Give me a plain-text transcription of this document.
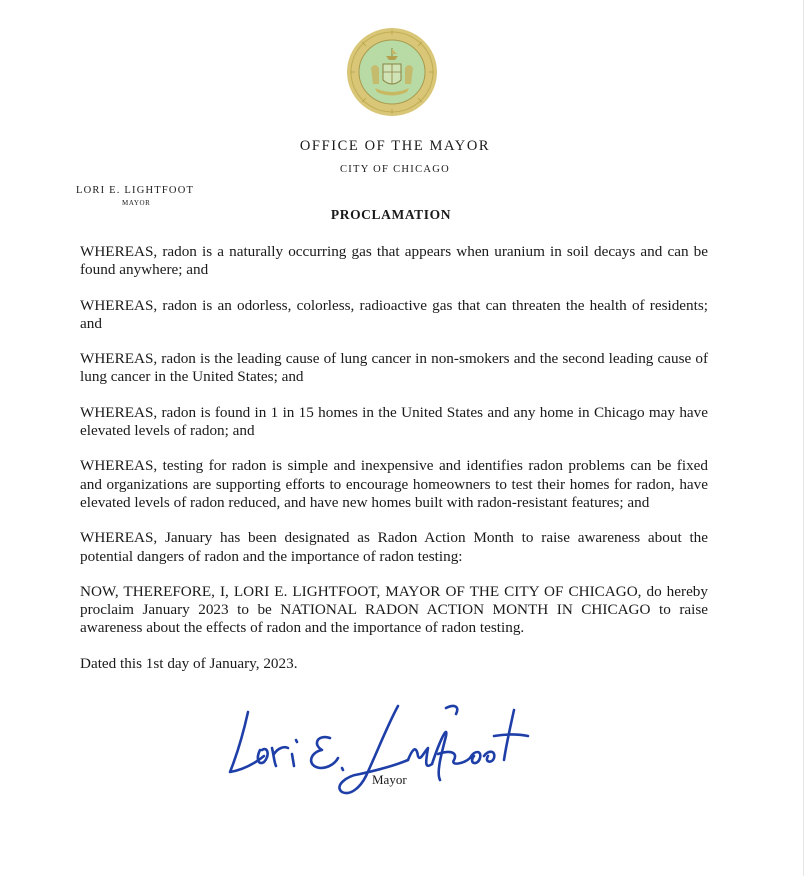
OFFICE OF THE MAYOR
CITY OF CHICAGO
LORI E. LIGHTFOOT
MAYOR
PROCLAMATION

WHEREAS, radon is a naturally occurring gas that appears when uranium in soil decays and can be found anywhere; and

WHEREAS, radon is an odorless, colorless, radioactive gas that can threaten the health of residents; and

WHEREAS, radon is the leading cause of lung cancer in non-smokers and the second leading cause of lung cancer in the United States; and

WHEREAS, radon is found in 1 in 15 homes in the United States and any home in Chicago may have elevated levels of radon; and

WHEREAS, testing for radon is simple and inexpensive and identifies radon problems can be fixed and organizations are supporting efforts to encourage homeowners to test their homes for radon, have elevated levels of radon reduced, and have new homes built with radon-resistant features; and

WHEREAS, January has been designated as Radon Action Month to raise awareness about the potential dangers of radon and the importance of radon testing:

NOW, THEREFORE, I, LORI E. LIGHTFOOT, MAYOR OF THE CITY OF CHICAGO, do hereby proclaim January 2023 to be NATIONAL RADON ACTION MONTH IN CHICAGO to raise awareness about the effects of radon and the importance of radon testing.

Dated this 1st day of January, 2023.

Mayor
